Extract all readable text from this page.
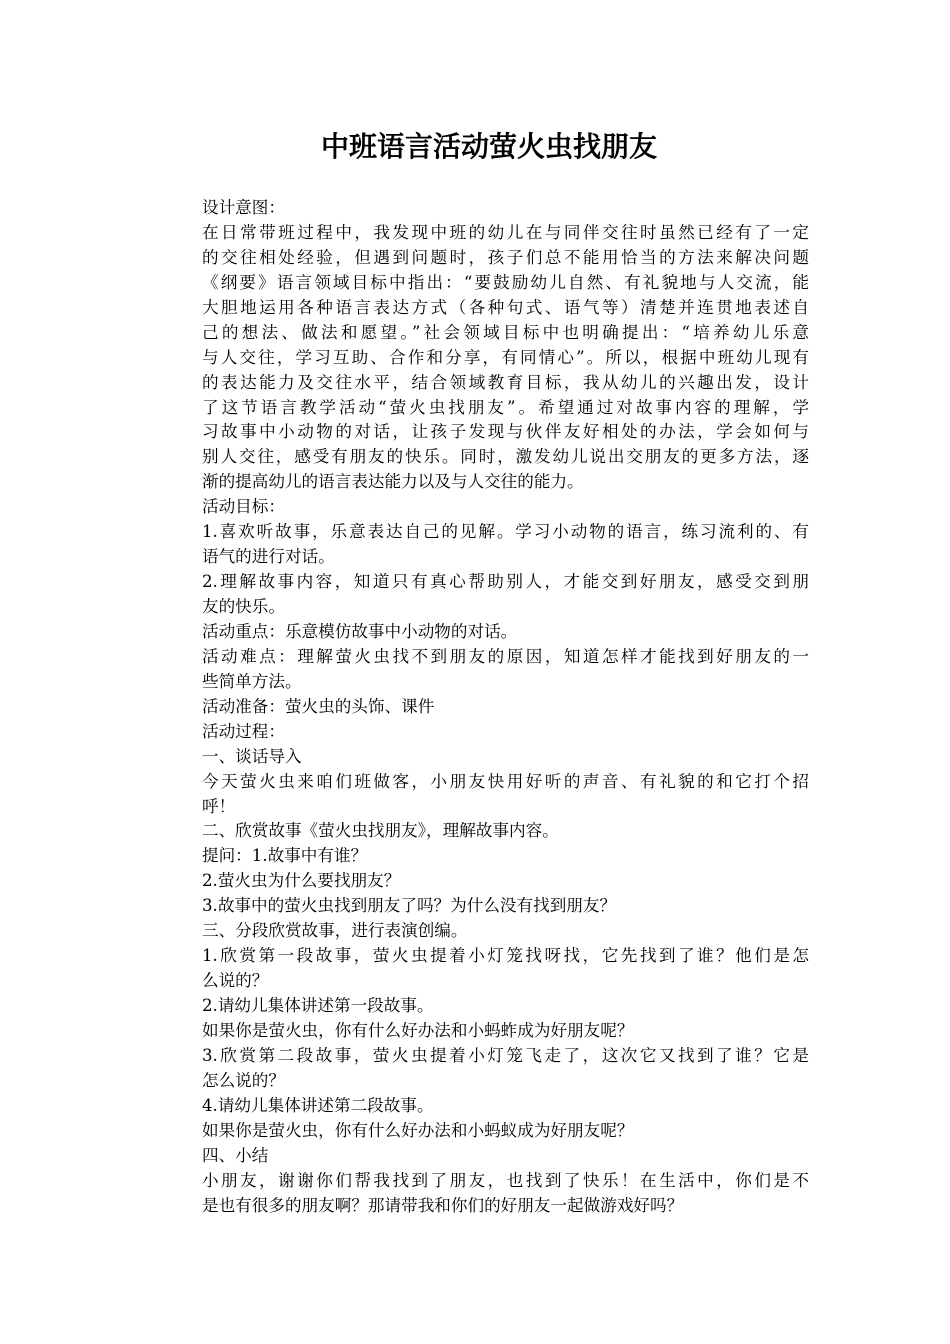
中班语言活动萤火虫找朋友
设计意图：
在日常带班过程中，我发现中班的幼儿在与同伴交往时虽然已经有了一定
的交往相处经验，但遇到问题时，孩子们总不能用恰当的方法来解决问题
《纲要》语言领域目标中指出：“要鼓励幼儿自然、有礼貌地与人交流，能
大胆地运用各种语言表达方式（各种句式、语气等）清楚并连贯地表述自
己的想法、做法和愿望。”社会领域目标中也明确提出：“培养幼儿乐意
与人交往，学习互助、合作和分享，有同情心”。所以，根据中班幼儿现有
的表达能力及交往水平，结合领域教育目标，我从幼儿的兴趣出发，设计
了这节语言教学活动“萤火虫找朋友”。希望通过对故事内容的理解，学
习故事中小动物的对话，让孩子发现与伙伴友好相处的办法，学会如何与
别人交往，感受有朋友的快乐。同时，激发幼儿说出交朋友的更多方法，逐
渐的提高幼儿的语言表达能力以及与人交往的能力。
活动目标：
1.喜欢听故事，乐意表达自己的见解。学习小动物的语言，练习流利的、有
语气的进行对话。
2.理解故事内容，知道只有真心帮助别人，才能交到好朋友，感受交到朋
友的快乐。
活动重点：乐意模仿故事中小动物的对话。
活动难点：理解萤火虫找不到朋友的原因，知道怎样才能找到好朋友的一
些简单方法。
活动准备：萤火虫的头饰、课件
活动过程：
一、谈话导入
今天萤火虫来咱们班做客，小朋友快用好听的声音、有礼貌的和它打个招
呼！
二、欣赏故事《萤火虫找朋友》，理解故事内容。
提问：1.故事中有谁？
2.萤火虫为什么要找朋友？
3.故事中的萤火虫找到朋友了吗？为什么没有找到朋友？
三、分段欣赏故事，进行表演创编。
1.欣赏第一段故事，萤火虫提着小灯笼找呀找，它先找到了谁？他们是怎
么说的？
2.请幼儿集体讲述第一段故事。
如果你是萤火虫，你有什么好办法和小蚂蚱成为好朋友呢？
3.欣赏第二段故事，萤火虫提着小灯笼飞走了，这次它又找到了谁？它是
怎么说的？
4.请幼儿集体讲述第二段故事。
如果你是萤火虫，你有什么好办法和小蚂蚁成为好朋友呢？
四、小结
小朋友，谢谢你们帮我找到了朋友，也找到了快乐！在生活中，你们是不
是也有很多的朋友啊？那请带我和你们的好朋友一起做游戏好吗？
